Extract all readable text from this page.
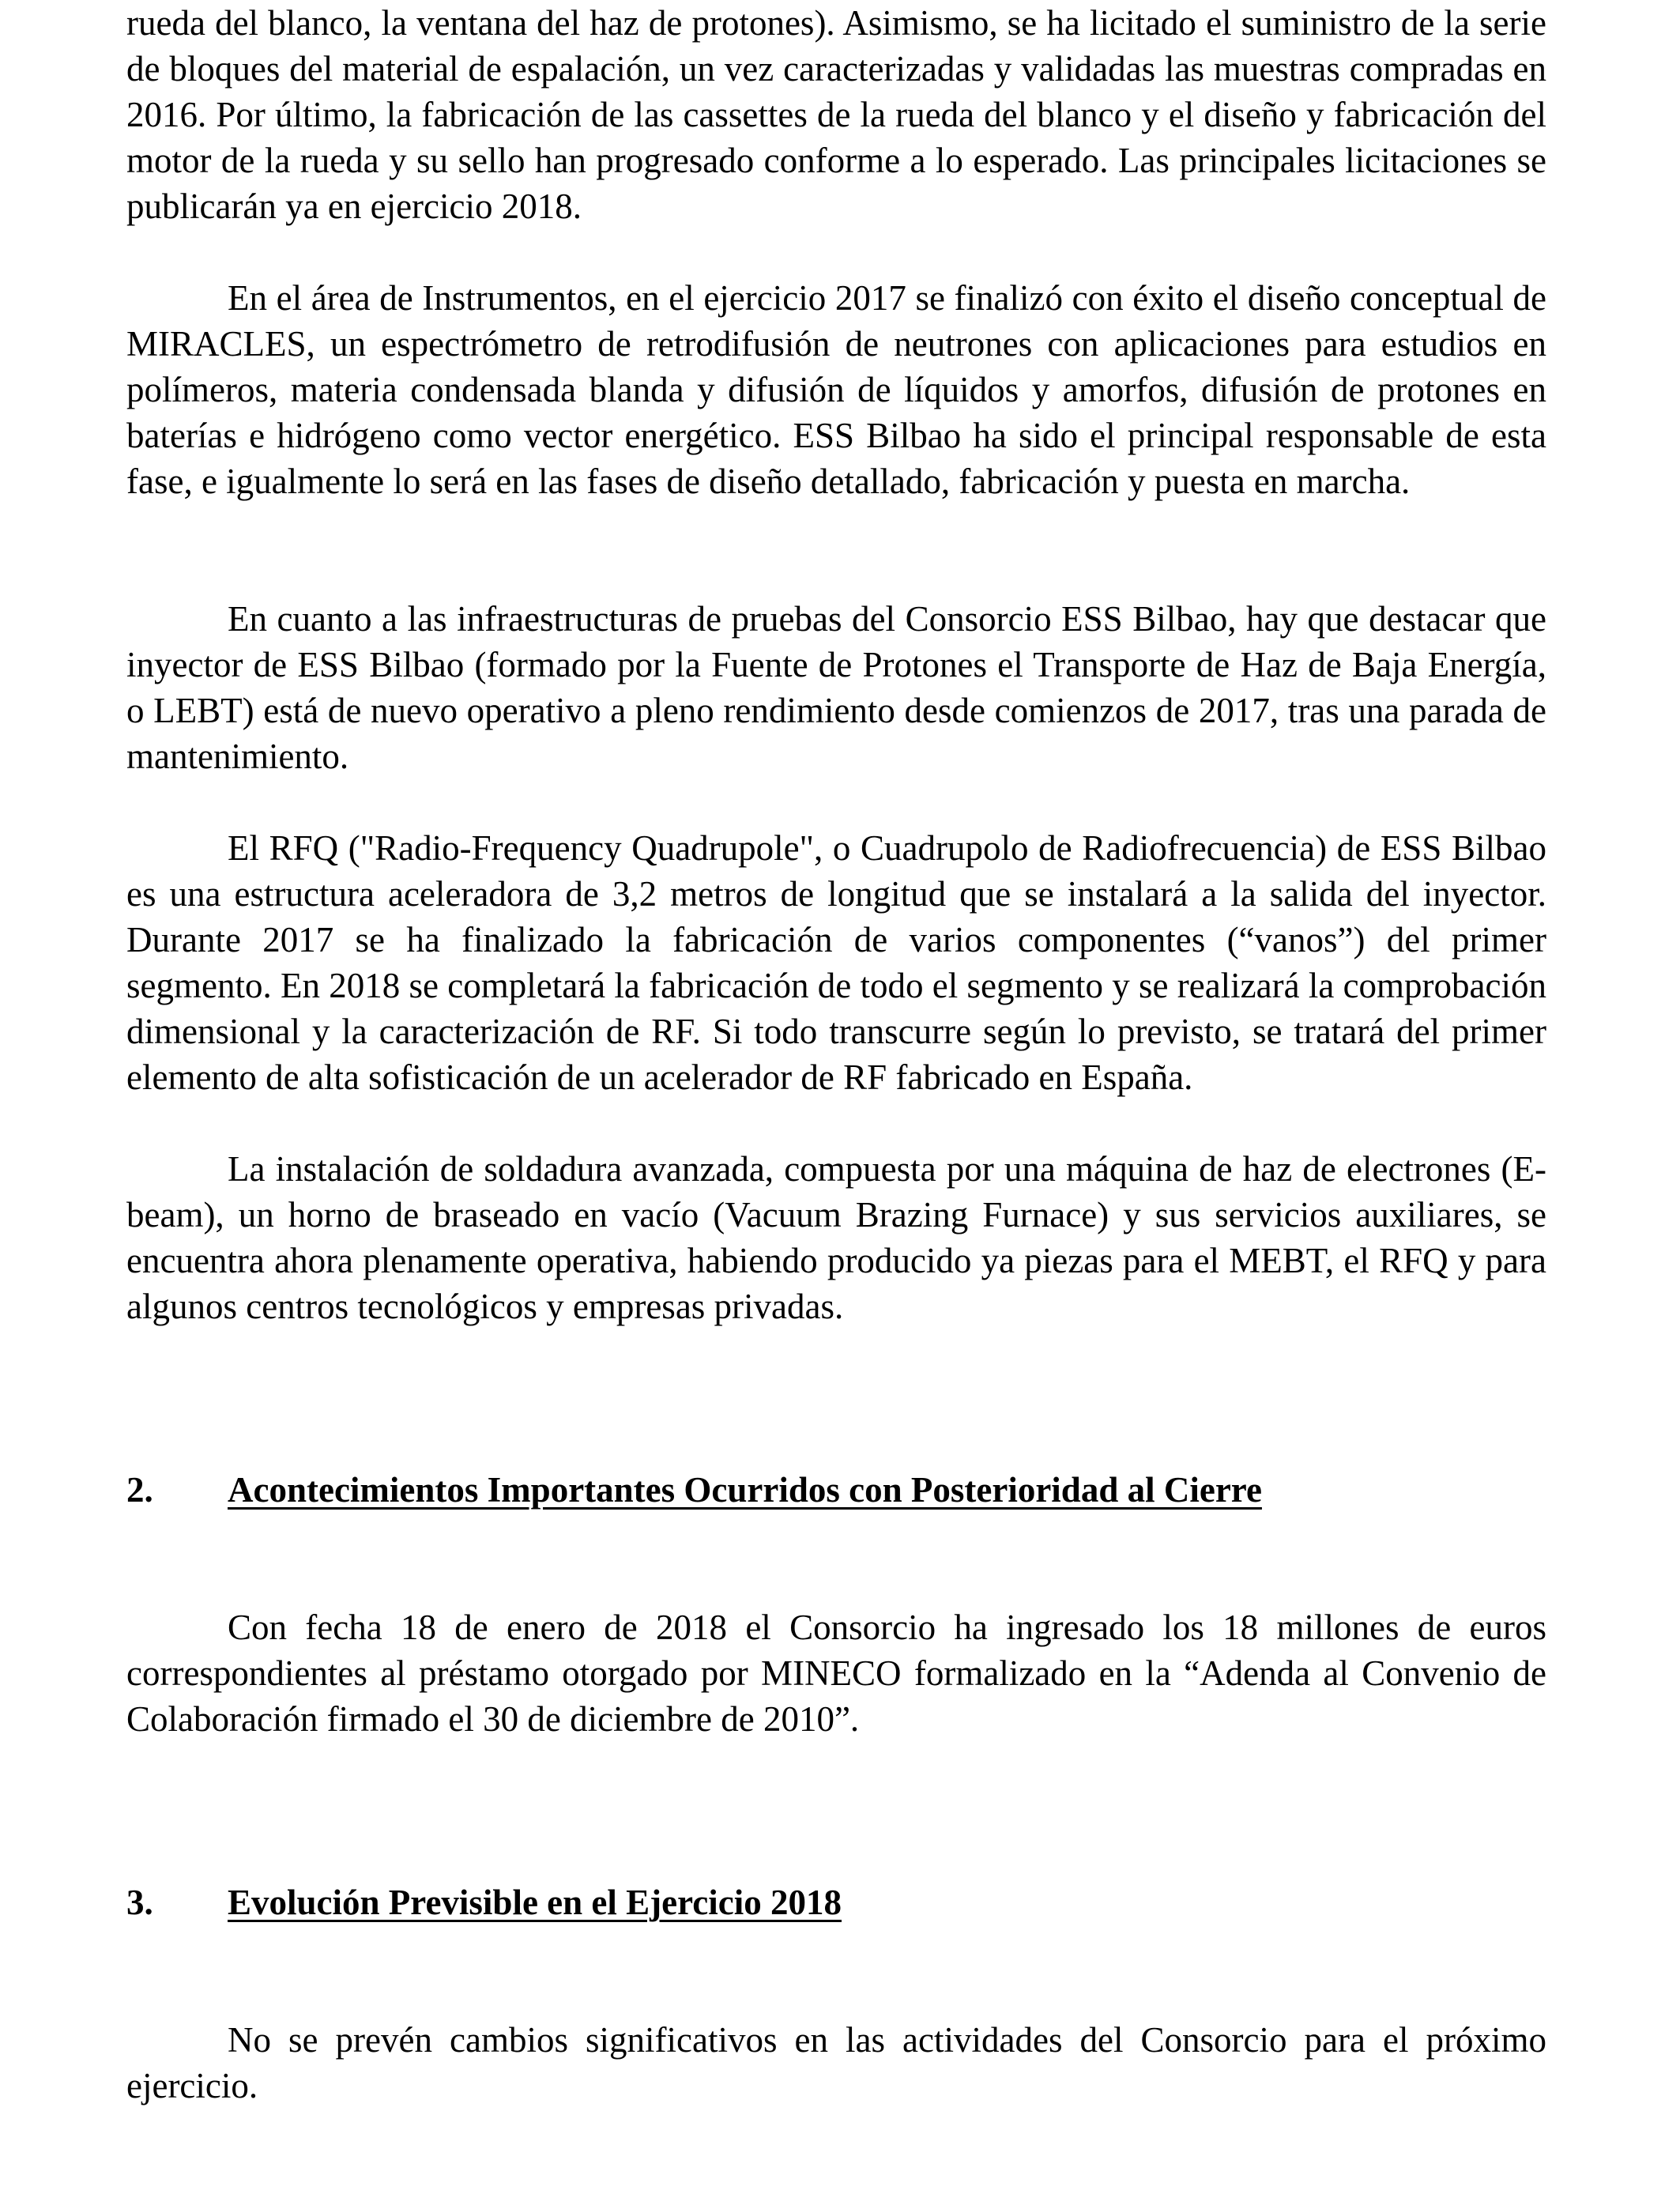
rueda del blanco, la ventana del haz de protones). Asimismo, se ha licitado el suministro de la serie de bloques del material de espalación, un vez caracterizadas y validadas las muestras compradas en 2016. Por último, la fabricación de las cassettes de la rueda del blanco y el diseño y fabricación del motor de la rueda y su sello han progresado conforme a lo esperado. Las principales licitaciones se publicarán ya en ejercicio 2018.

En el área de Instrumentos, en el ejercicio 2017 se finalizó con éxito el diseño conceptual de MIRACLES, un espectrómetro de retrodifusión de neutrones con aplicaciones para estudios en polímeros, materia condensada blanda y difusión de líquidos y amorfos, difusión de protones en baterías e hidrógeno como vector energético. ESS Bilbao ha sido el principal responsable de esta fase, e igualmente lo será en las fases de diseño detallado, fabricación y puesta en marcha.

En cuanto a las infraestructuras de pruebas del Consorcio ESS Bilbao, hay que destacar que inyector de ESS Bilbao (formado por la Fuente de Protones el Transporte de Haz de Baja Energía, o LEBT) está de nuevo operativo a pleno rendimiento desde comienzos de 2017, tras una parada de mantenimiento.

El RFQ ("Radio-Frequency Quadrupole", o Cuadrupolo de Radiofrecuencia) de ESS Bilbao es una estructura aceleradora de 3,2 metros de longitud que se instalará a la salida del inyector. Durante 2017 se ha finalizado la fabricación de varios componentes (“vanos”) del primer segmento. En 2018 se completará la fabricación de todo el segmento y se realizará la comprobación dimensional y la caracterización de RF. Si todo transcurre según lo previsto, se tratará del primer elemento de alta sofisticación de un acelerador de RF fabricado en España.

La instalación de soldadura avanzada, compuesta por una máquina de haz de electrones (E-beam), un horno de braseado en vacío (Vacuum Brazing Furnace) y sus servicios auxiliares, se encuentra ahora plenamente operativa, habiendo producido ya piezas para el MEBT, el RFQ y para algunos centros tecnológicos y empresas privadas.

2. Acontecimientos Importantes Ocurridos con Posterioridad al Cierre

Con fecha 18 de enero de 2018 el Consorcio ha ingresado los 18 millones de euros correspondientes al préstamo otorgado por MINECO formalizado en la “Adenda al Convenio de Colaboración firmado el 30 de diciembre de 2010”.

3. Evolución Previsible en el Ejercicio 2018

No se prevén cambios significativos en las actividades del Consorcio para el próximo ejercicio.
